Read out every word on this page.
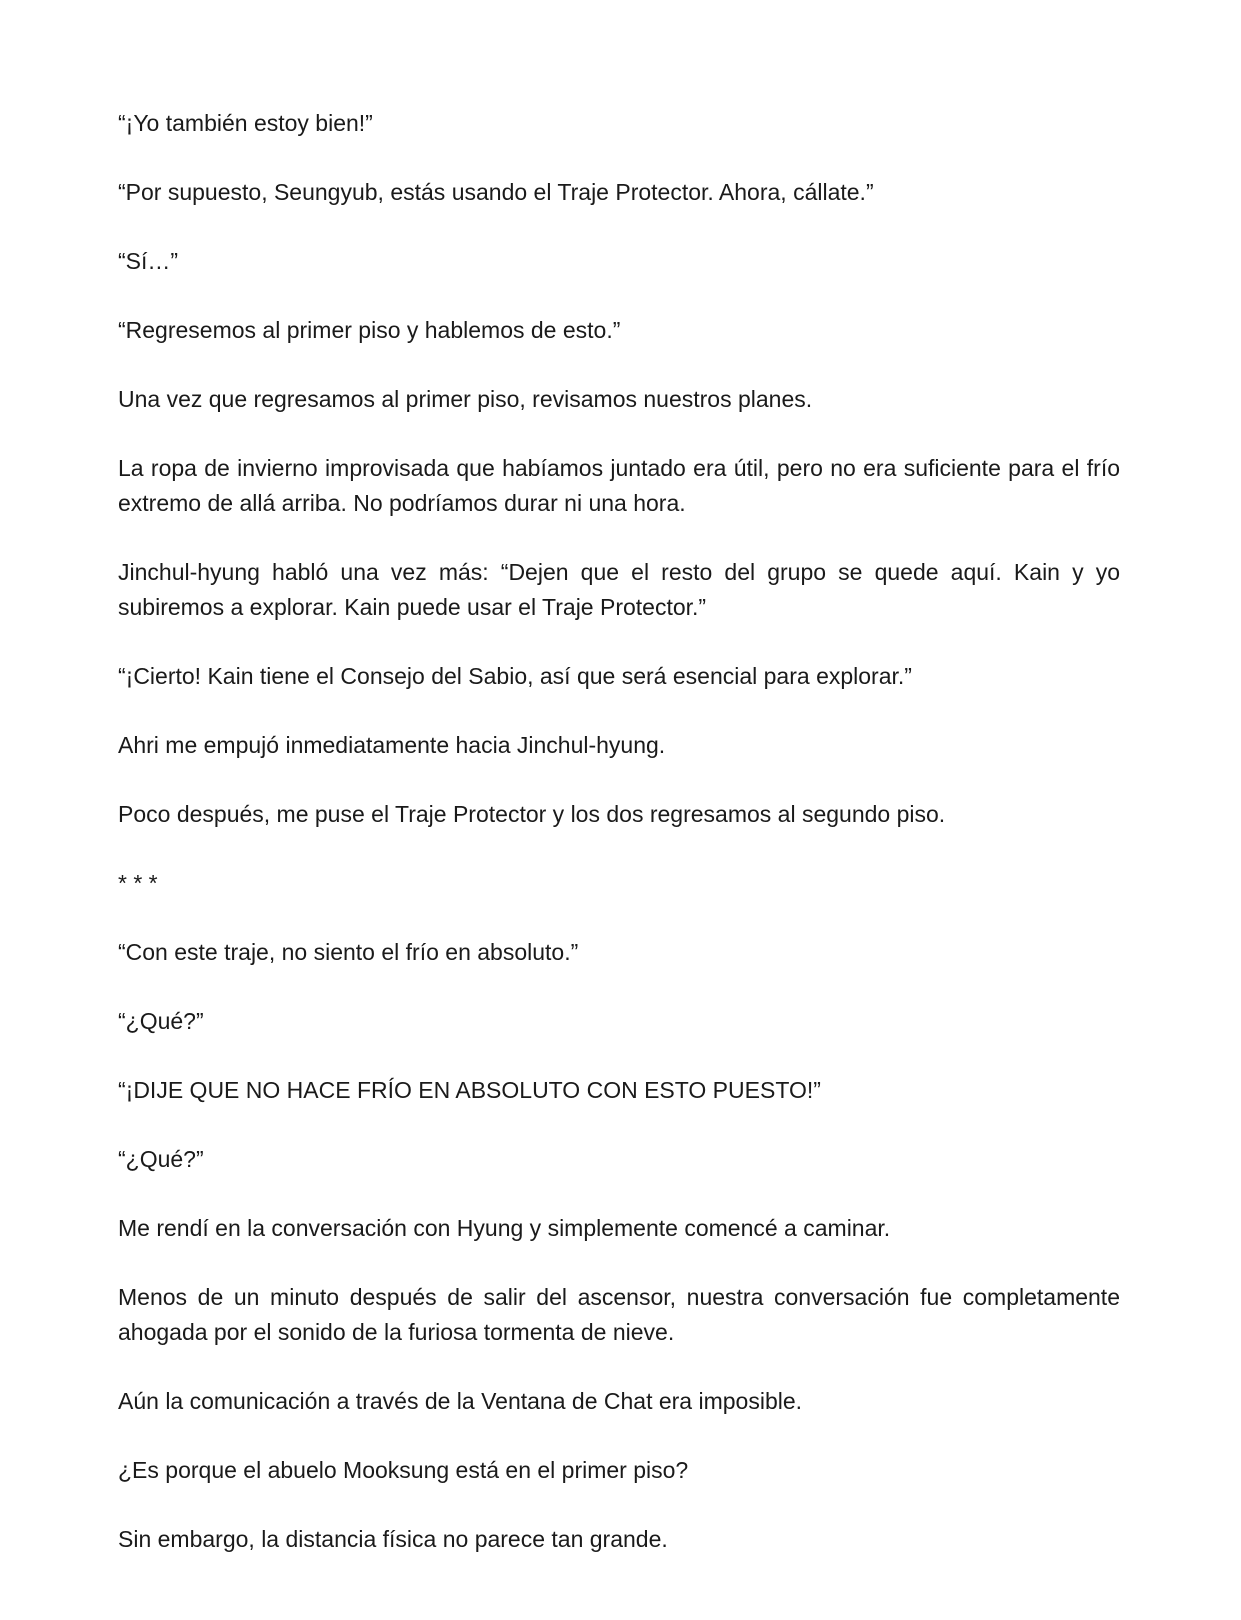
“¡Yo también estoy bien!”

“Por supuesto, Seungyub, estás usando el Traje Protector. Ahora, cállate.”

“Sí…”

“Regresemos al primer piso y hablemos de esto.”

Una vez que regresamos al primer piso, revisamos nuestros planes.

La ropa de invierno improvisada que habíamos juntado era útil, pero no era suficiente para el frío extremo de allá arriba. No podríamos durar ni una hora.

Jinchul-hyung habló una vez más: “Dejen que el resto del grupo se quede aquí. Kain y yo subiremos a explorar. Kain puede usar el Traje Protector.”

“¡Cierto! Kain tiene el Consejo del Sabio, así que será esencial para explorar.”

Ahri me empujó inmediatamente hacia Jinchul-hyung.

Poco después, me puse el Traje Protector y los dos regresamos al segundo piso.

* * *

“Con este traje, no siento el frío en absoluto.”

“¿Qué?”

“¡DIJE QUE NO HACE FRÍO EN ABSOLUTO CON ESTO PUESTO!”

“¿Qué?”

Me rendí en la conversación con Hyung y simplemente comencé a caminar.

Menos de un minuto después de salir del ascensor, nuestra conversación fue completamente ahogada por el sonido de la furiosa tormenta de nieve.

Aún la comunicación a través de la Ventana de Chat era imposible.

¿Es porque el abuelo Mooksung está en el primer piso?

Sin embargo, la distancia física no parece tan grande.
